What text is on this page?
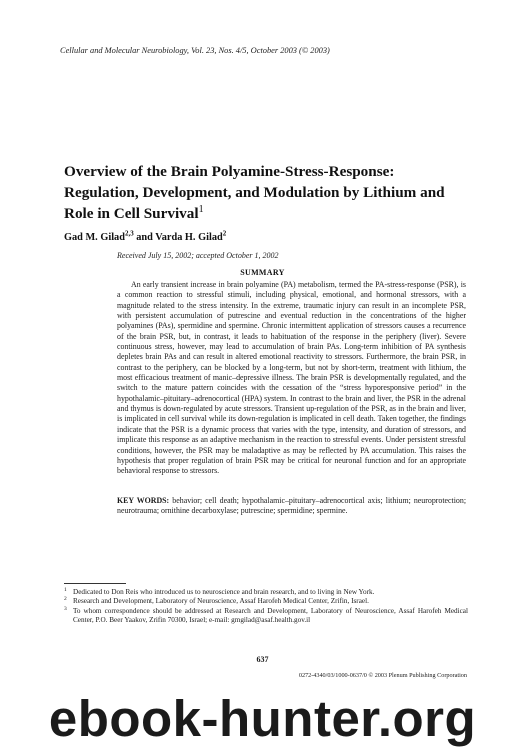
Cellular and Molecular Neurobiology, Vol. 23, Nos. 4/5, October 2003 (© 2003)
Overview of the Brain Polyamine-Stress-Response: Regulation, Development, and Modulation by Lithium and Role in Cell Survival$^1$
Gad M. Gilad$^{2,3}$ and Varda H. Gilad$^2$
Received July 15, 2002; accepted October 1, 2002
SUMMARY

An early transient increase in brain polyamine (PA) metabolism, termed the PA-stress-response (PSR), is a common reaction to stressful stimuli, including physical, emotional, and hormonal stressors, with a magnitude related to the stress intensity. In the extreme, traumatic injury can result in an incomplete PSR, with persistent accumulation of putrescine and eventual reduction in the concentrations of the higher polyamines (PAs), spermidine and spermine. Chronic intermittent application of stressors causes a recurrence of the brain PSR, but, in contrast, it leads to habituation of the response in the periphery (liver). Severe continuous stress, however, may lead to accumulation of brain PAs. Long-term inhibition of PA synthesis depletes brain PAs and can result in altered emotional reactivity to stressors. Furthermore, the brain PSR, in contrast to the periphery, can be blocked by a long-term, but not by short-term, treatment with lithium, the most efficacious treatment of manic–depressive illness. The brain PSR is developmentally regulated, and the switch to the mature pattern coincides with the cessation of the “stress hyporesponsive period” in the hypothalamic–pituitary–adrenocortical (HPA) system. In contrast to the brain and liver, the PSR in the adrenal and thymus is down-regulated by acute stressors. Transient up-regulation of the PSR, as in the brain and liver, is implicated in cell survival while its down-regulation is implicated in cell death. Taken together, the findings indicate that the PSR is a dynamic process that varies with the type, intensity, and duration of stressors, and implicate this response as an adaptive mechanism in the reaction to stressful events. Under persistent stressful conditions, however, the PSR may be maladaptive as may be reflected by PA accumulation. This raises the hypothesis that proper regulation of brain PSR may be critical for neuronal function and for an appropriate behavioral response to stressors.

KEY WORDS: behavior; cell death; hypothalamic–pituitary–adrenocortical axis; lithium; neuroprotection; neurotrauma; ornithine decarboxylase; putrescine; spermidine; spermine.

1 Dedicated to Don Reis who introduced us to neuroscience and brain research, and to living in New York.
2 Research and Development, Laboratory of Neuroscience, Assaf Harofeh Medical Center, Zrifin, Israel.
3 To whom correspondence should be addressed at Research and Development, Laboratory of Neuroscience, Assaf Harofeh Medical Center, P.O. Beer Yaakov, Zrifin 70300, Israel; e-mail: gmgilad@asaf.health.gov.il
637
0272-4340/03/1000-0637/0 © 2003 Plenum Publishing Corporation
ebook-hunter.org
